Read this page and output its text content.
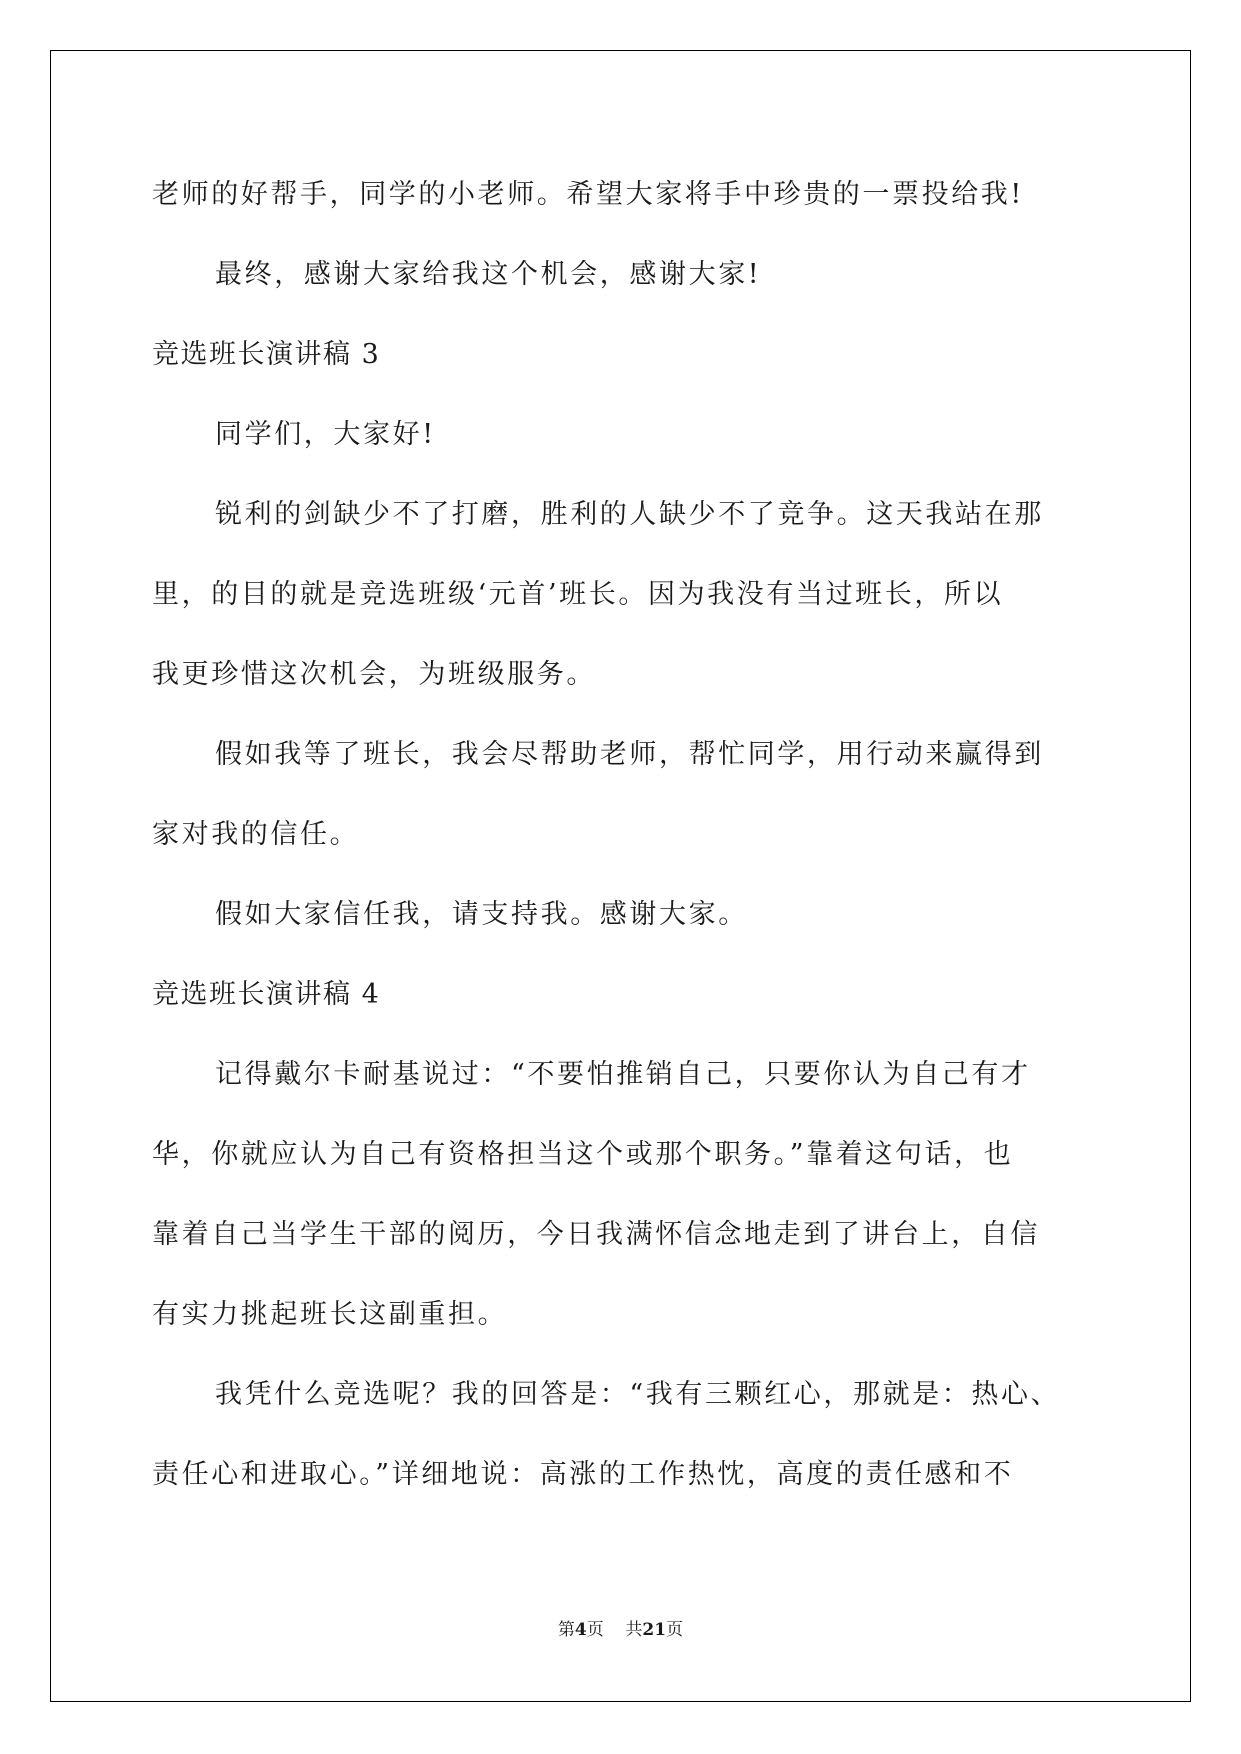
老师的好帮手，同学的小老师。希望大家将手中珍贵的一票投给我!
最终，感谢大家给我这个机会，感谢大家!
竞选班长演讲稿 3
同学们，大家好!
锐利的剑缺少不了打磨，胜利的人缺少不了竞争。这天我站在那
里，的目的就是竞选班级‘元首’班长。因为我没有当过班长，所以
我更珍惜这次机会，为班级服务。
假如我等了班长，我会尽帮助老师，帮忙同学，用行动来赢得到
家对我的信任。
假如大家信任我，请支持我。感谢大家。
竞选班长演讲稿 4
记得戴尔卡耐基说过：“不要怕推销自己，只要你认为自己有才
华，你就应认为自己有资格担当这个或那个职务。”靠着这句话，也
靠着自己当学生干部的阅历，今日我满怀信念地走到了讲台上，自信
有实力挑起班长这副重担。
我凭什么竞选呢？我的回答是：“我有三颗红心，那就是：热心、
责任心和进取心。”详细地说：高涨的工作热忱，高度的责任感和不
第4页 共21页
